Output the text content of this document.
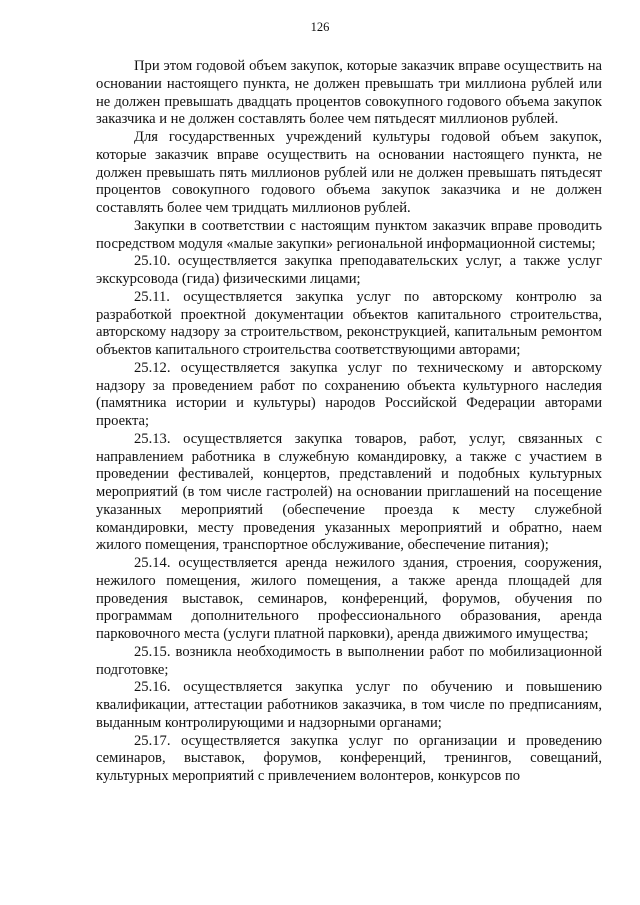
126

При этом годовой объем закупок, которые заказчик вправе осуществить на основании настоящего пункта, не должен превышать три миллиона рублей или не должен превышать двадцать процентов совокупного годового объема закупок заказчика и не должен составлять более чем пятьдесят миллионов рублей.

Для государственных учреждений культуры годовой объем закупок, которые заказчик вправе осуществить на основании настоящего пункта, не должен превышать пять миллионов рублей или не должен превышать пятьдесят процентов совокупного годового объема закупок заказчика и не должен составлять более чем тридцать миллионов рублей.

Закупки в соответствии с настоящим пунктом заказчик вправе проводить посредством модуля «малые закупки» региональной информационной системы;

25.10. осуществляется закупка преподавательских услуг, а также услуг экскурсовода (гида) физическими лицами;

25.11. осуществляется закупка услуг по авторскому контролю за разработкой проектной документации объектов капитального строительства, авторскому надзору за строительством, реконструкцией, капитальным ремонтом объектов капитального строительства соответствующими авторами;

25.12. осуществляется закупка услуг по техническому и авторскому надзору за проведением работ по сохранению объекта культурного наследия (памятника истории и культуры) народов Российской Федерации авторами проекта;

25.13. осуществляется закупка товаров, работ, услуг, связанных с направлением работника в служебную командировку, а также с участием в проведении фестивалей, концертов, представлений и подобных культурных мероприятий (в том числе гастролей) на основании приглашений на посещение указанных мероприятий (обеспечение проезда к месту служебной командировки, месту проведения указанных мероприятий и обратно, наем жилого помещения, транспортное обслуживание, обеспечение питания);

25.14. осуществляется аренда нежилого здания, строения, сооружения, нежилого помещения, жилого помещения, а также аренда площадей для проведения выставок, семинаров, конференций, форумов, обучения по программам дополнительного профессионального образования, аренда парковочного места (услуги платной парковки), аренда движимого имущества;

25.15. возникла необходимость в выполнении работ по мобилизационной подготовке;

25.16. осуществляется закупка услуг по обучению и повышению квалификации, аттестации работников заказчика, в том числе по предписаниям, выданным контролирующими и надзорными органами;

25.17. осуществляется закупка услуг по организации и проведению семинаров, выставок, форумов, конференций, тренингов, совещаний, культурных мероприятий с привлечением волонтеров, конкурсов по
